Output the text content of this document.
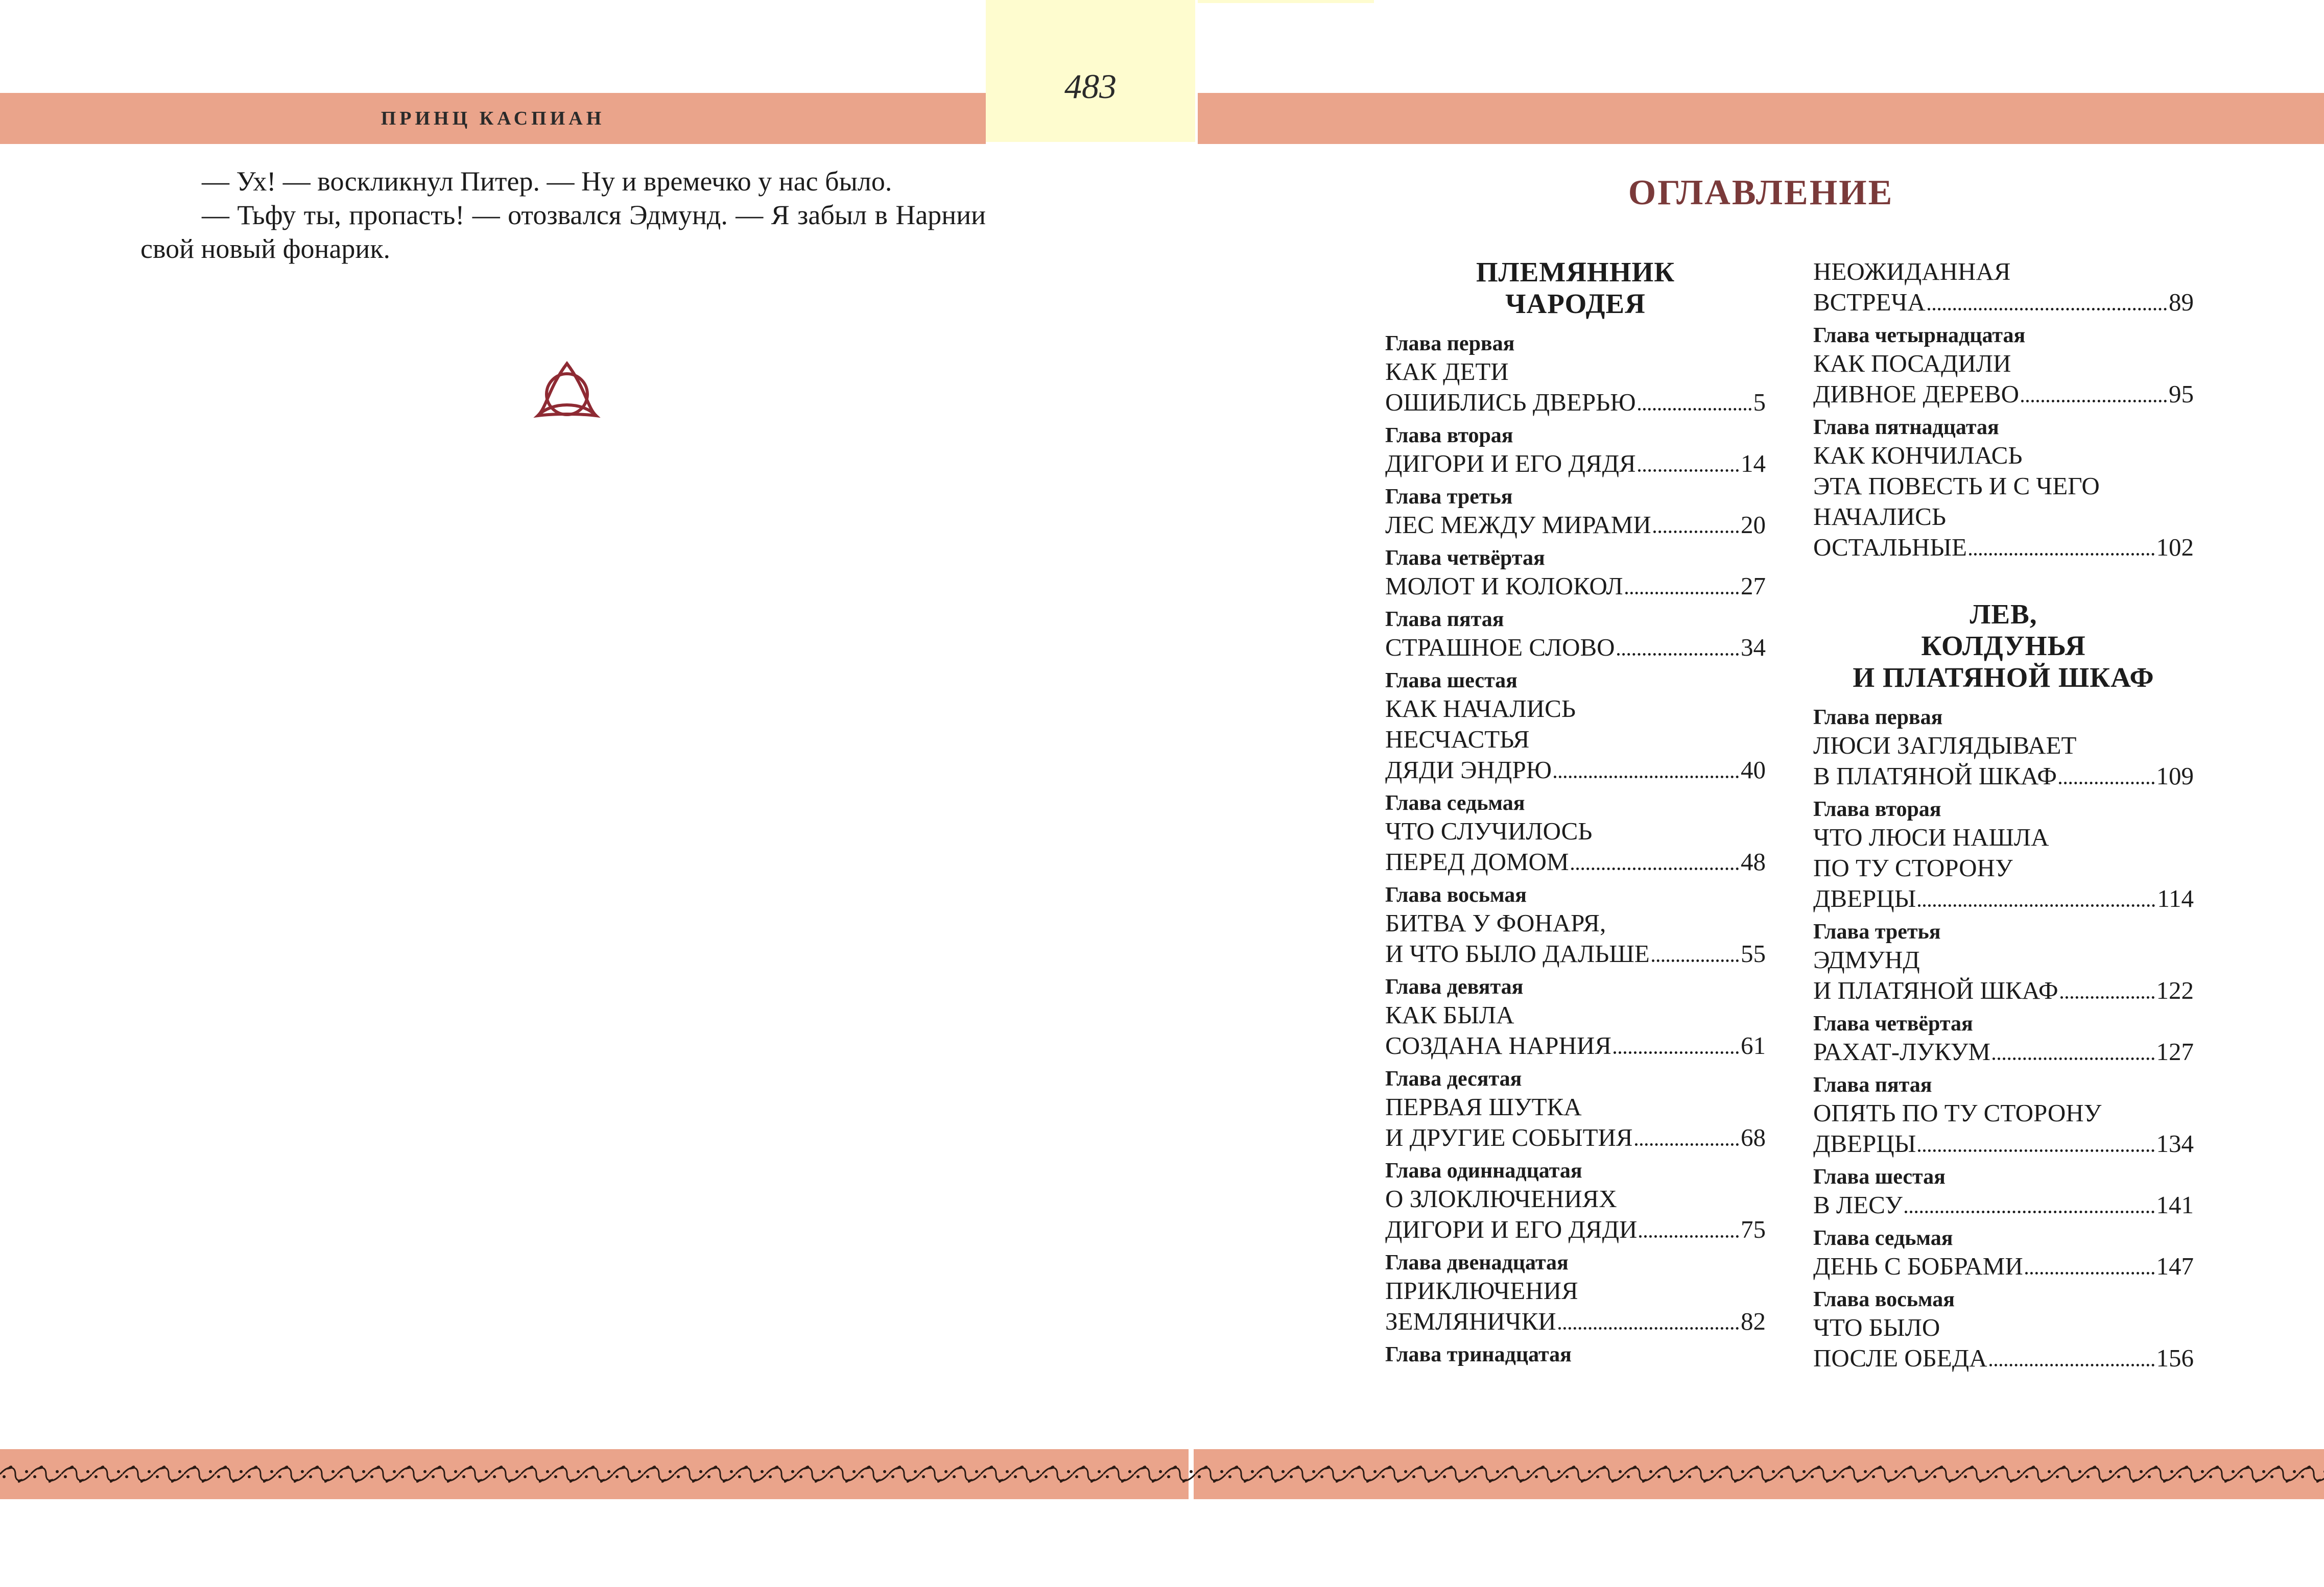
483
ПРИНЦ КАСПИАН

— Ух! — воскликнул Питер. — Ну и времечко у нас было.

— Тьфу ты, пропасть! — отозвался Эдмунд. — Я забыл в Нарнии свой новый фонарик.

ОГЛАВЛЕНИЕ
ПЛЕМЯННИК
ЧАРОДЕЯ
Глава первая
КАК ДЕТИ
ОШИБЛИСЬ ДВЕРЬЮ	5
Глава вторая
ДИГОРИ И ЕГО ДЯДЯ	14
Глава третья
ЛЕС МЕЖДУ МИРАМИ	20
Глава четвёртая
МОЛОТ И КОЛОКОЛ	27
Глава пятая
СТРАШНОЕ СЛОВО	34
Глава шестая
КАК НАЧАЛИСЬ
НЕСЧАСТЬЯ
ДЯДИ ЭНДРЮ	40
Глава седьмая
ЧТО СЛУЧИЛОСЬ
ПЕРЕД ДОМОМ	48
Глава восьмая
БИТВА У ФОНАРЯ,
И ЧТО БЫЛО ДАЛЬШЕ	55
Глава девятая
КАК БЫЛА
СОЗДАНА НАРНИЯ	61
Глава десятая
ПЕРВАЯ ШУТКА
И ДРУГИЕ СОБЫТИЯ	68
Глава одиннадцатая
О ЗЛОКЛЮЧЕНИЯХ
ДИГОРИ И ЕГО ДЯДИ	75
Глава двенадцатая
ПРИКЛЮЧЕНИЯ
ЗЕМЛЯНИЧКИ	82
Глава тринадцатая
НЕОЖИДАННАЯ
ВСТРЕЧА	89
Глава четырнадцатая
КАК ПОСАДИЛИ
ДИВНОЕ ДЕРЕВО	95
Глава пятнадцатая
КАК КОНЧИЛАСЬ
ЭТА ПОВЕСТЬ И С ЧЕГО
НАЧАЛИСЬ
ОСТАЛЬНЫЕ	102
ЛЕВ,
КОЛДУНЬЯ
И ПЛАТЯНОЙ ШКАФ
Глава первая
ЛЮСИ ЗАГЛЯДЫВАЕТ
В ПЛАТЯНОЙ ШКАФ	109
Глава вторая
ЧТО ЛЮСИ НАШЛА
ПО ТУ СТОРОНУ
ДВЕРЦЫ	114
Глава третья
ЭДМУНД
И ПЛАТЯНОЙ ШКАФ	122
Глава четвёртая
РАХАТ-ЛУКУМ	127
Глава пятая
ОПЯТЬ ПО ТУ СТОРОНУ
ДВЕРЦЫ	134
Глава шестая
В ЛЕСУ	141
Глава седьмая
ДЕНЬ С БОБРАМИ	147
Глава восьмая
ЧТО БЫЛО
ПОСЛЕ ОБЕДА	156
